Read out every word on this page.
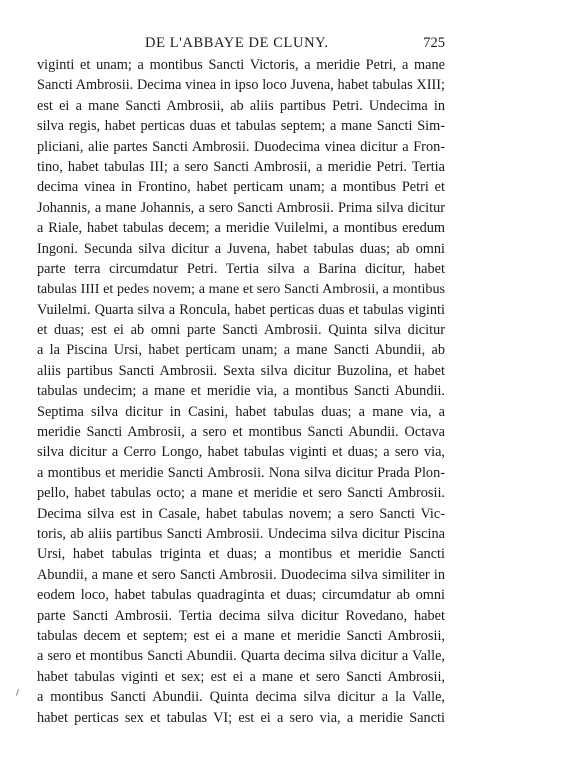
DE L'ABBAYE DE CLUNY.	725
viginti et unam; a montibus Sancti Victoris, a meridie Petri, a mane
Sancti Ambrosii. Decima vinea in ipso loco Juvena, habet tabulas XIII;
est ei a mane Sancti Ambrosii, ab aliis partibus Petri. Undecima in
silva regis, habet perticas duas et tabulas septem; a mane Sancti Sim-
pliciani, alie partes Sancti Ambrosii. Duodecima vinea dicitur a Fron-
tino, habet tabulas III; a sero Sancti Ambrosii, a meridie Petri. Tertia
decima vinea in Frontino, habet perticam unam; a montibus Petri et
Johannis, a mane Johannis, a sero Sancti Ambrosii. Prima silva dicitur
a Riale, habet tabulas decem; a meridie Vuilelmi, a montibus eredum
Ingoni. Secunda silva dicitur a Juvena, habet tabulas duas; ab omni
parte terra circumdatur Petri. Tertia silva a Barina dicitur, habet
tabulas IIII et pedes novem; a mane et sero Sancti Ambrosii, a montibus
Vuilelmi. Quarta silva a Roncula, habet perticas duas et tabulas viginti
et duas; est ei ab omni parte Sancti Ambrosii. Quinta silva dicitur
a la Piscina Ursi, habet perticam unam; a mane Sancti Abundii, ab
aliis partibus Sancti Ambrosii. Sexta silva dicitur Buzolina, et habet
tabulas undecim; a mane et meridie via, a montibus Sancti Abundii.
Septima silva dicitur in Casini, habet tabulas duas; a mane via, a
meridie Sancti Ambrosii, a sero et montibus Sancti Abundii. Octava
silva dicitur a Cerro Longo, habet tabulas viginti et duas; a sero via,
a montibus et meridie Sancti Ambrosii. Nona silva dicitur Prada Plon-
pello, habet tabulas octo; a mane et meridie et sero Sancti Ambrosii.
Decima silva est in Casale, habet tabulas novem; a sero Sancti Vic-
toris, ab aliis partibus Sancti Ambrosii. Undecima silva dicitur Piscina
Ursi, habet tabulas triginta et duas; a montibus et meridie Sancti
Abundii, a mane et sero Sancti Ambrosii. Duodecima silva similiter in
eodem loco, habet tabulas quadraginta et duas; circumdatur ab omni
parte Sancti Ambrosii. Tertia decima silva dicitur Rovedano, habet
tabulas decem et septem; est ei a mane et meridie Sancti Ambrosii,
a sero et montibus Sancti Abundii. Quarta decima silva dicitur a Valle,
habet tabulas viginti et sex; est ei a mane et sero Sancti Ambrosii,
a montibus Sancti Abundii. Quinta decima silva dicitur a la Valle,
habet perticas sex et tabulas VI; est ei a sero via, a meridie Sancti
